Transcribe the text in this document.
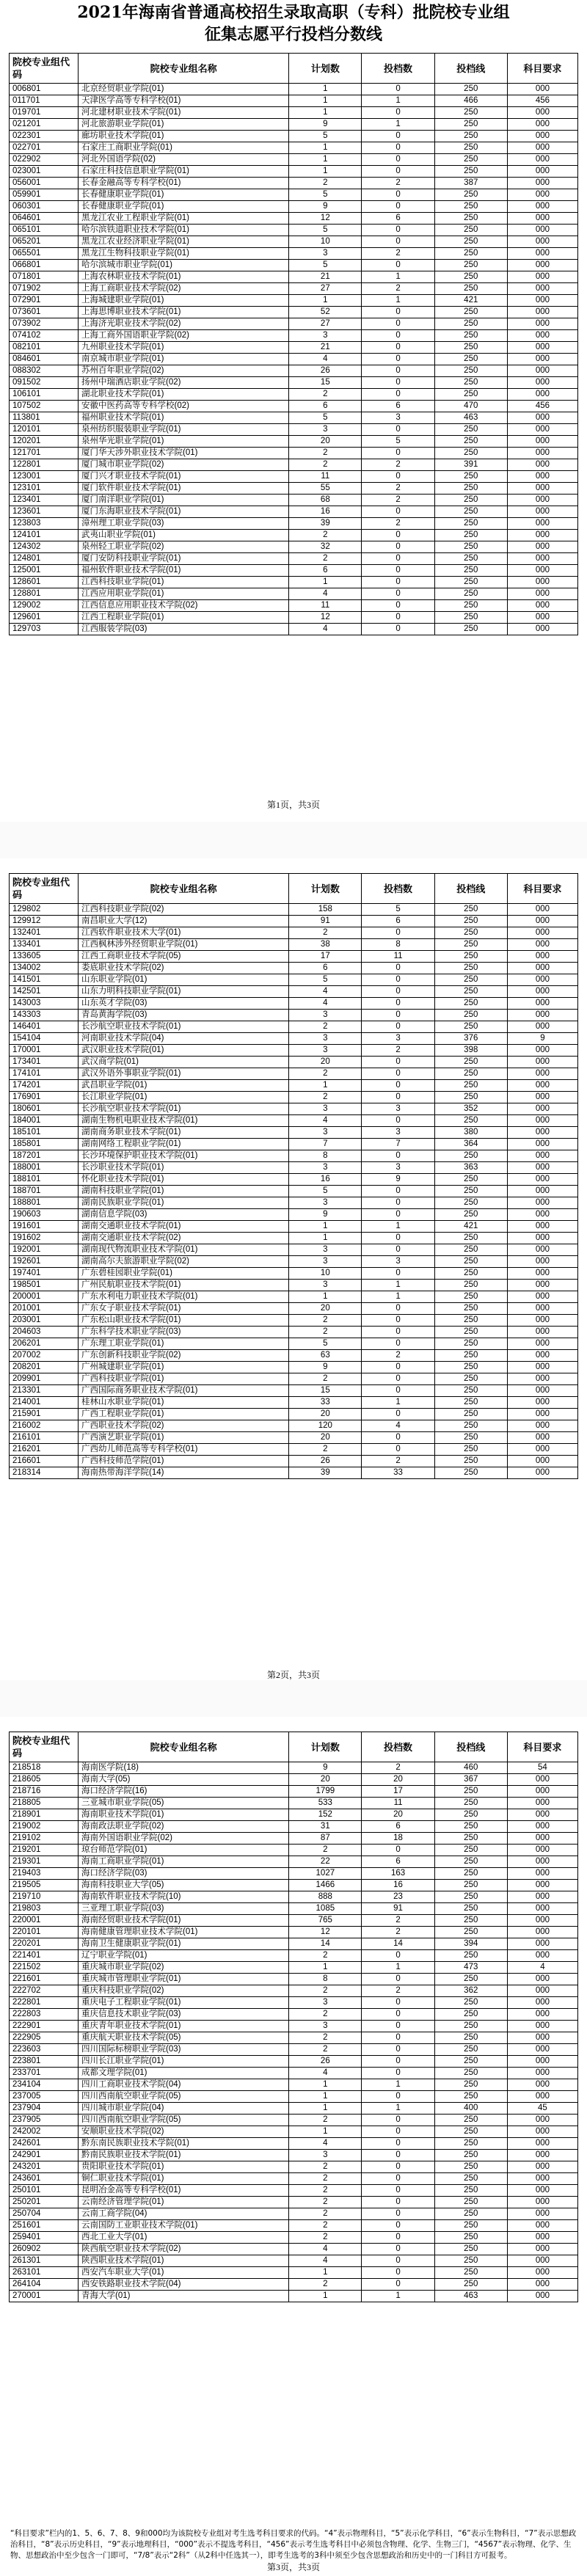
2021年海南省普通高校招生录取高职（专科）批院校专业组
征集志愿平行投档分数线
院校专业组代码	院校专业组名称	计划数	投档数	投档线	科目要求
006801	北京经贸职业学院(01)	1	0	250	000
011701	天津医学高等专科学校(01)	1	1	466	456
019701	河北建材职业技术学院(01)	1	0	250	000
021201	河北旅游职业学院(01)	9	1	250	000
022301	廊坊职业技术学院(01)	5	0	250	000
022701	石家庄工商职业学院(01)	1	0	250	000
022902	河北外国语学院(02)	1	0	250	000
023001	石家庄科技信息职业学院(01)	1	0	250	000
056001	长春金融高等专科学校(01)	2	2	387	000
059901	长春健康职业学院(01)	5	0	250	000
060301	长春健康职业学院(01)	9	0	250	000
064601	黑龙江农业工程职业学院(01)	12	6	250	000
065101	哈尔滨铁道职业技术学院(01)	5	0	250	000
065201	黑龙江农业经济职业学院(01)	10	0	250	000
065501	黑龙江生物科技职业学院(01)	3	2	250	000
066801	哈尔滨城市职业学院(01)	5	0	250	000
071801	上海农林职业技术学院(01)	21	1	250	000
071902	上海工商职业技术学院(02)	27	2	250	000
072901	上海城建职业学院(01)	1	1	421	000
073601	上海思博职业技术学院(01)	52	0	250	000
073902	上海济光职业技术学院(02)	27	0	250	000
074102	上海工商外国语职业学院(02)	3	0	250	000
082101	九州职业技术学院(01)	21	0	250	000
084601	南京城市职业学院(01)	4	0	250	000
088302	苏州百年职业学院(02)	26	0	250	000
091502	扬州中瑞酒店职业学院(02)	15	0	250	000
106101	湖北职业技术学院(01)	2	0	250	000
107502	安徽中医药高等专科学校(02)	6	6	470	456
113801	福州职业技术学院(01)	5	3	463	000
120101	泉州纺织服装职业学院(01)	3	0	250	000
120201	泉州华光职业学院(01)	20	5	250	000
121701	厦门华天涉外职业技术学院(01)	2	0	250	000
122801	厦门城市职业学院(02)	2	2	391	000
123001	厦门兴才职业技术学院(01)	11	0	250	000
123101	厦门软件职业技术学院(01)	55	2	250	000
123401	厦门南洋职业学院(01)	68	2	250	000
123601	厦门东海职业技术学院(01)	16	0	250	000
123803	漳州理工职业学院(03)	39	2	250	000
124101	武夷山职业学院(01)	2	0	250	000
124302	泉州轻工职业学院(02)	32	0	250	000
124801	厦门安防科技职业学院(01)	2	0	250	000
125001	福州软件职业技术学院(01)	6	0	250	000
128601	江西科技职业学院(01)	1	0	250	000
128801	江西应用职业学院(01)	4	0	250	000
129002	江西信息应用职业技术学院(02)	11	0	250	000
129601	江西工程职业学院(01)	12	0	250	000
129703	江西服装学院(03)	4	0	250	000
第1页，共3页
院校专业组代码	院校专业组名称	计划数	投档数	投档线	科目要求
129802	江西科技职业学院(02)	158	5	250	000
129912	南昌职业大学(12)	91	6	250	000
132401	江西软件职业技术大学(01)	2	0	250	000
133401	江西枫林涉外经贸职业学院(01)	38	8	250	000
133605	江西工商职业技术学院(05)	17	11	250	000
134002	娄底职业技术学院(02)	6	0	250	000
141501	山东职业学院(01)	5	0	250	000
142501	山东力明科技职业学院(01)	4	0	250	000
143003	山东英才学院(03)	4	0	250	000
143303	青岛黄海学院(03)	3	0	250	000
146401	长沙航空职业技术学院(01)	2	0	250	000
154104	河南职业技术学院(04)	3	3	376	9
170001	武汉职业技术学院(01)	3	2	398	000
173401	武汉商学院(01)	20	0	250	000
174101	武汉外语外事职业学院(01)	2	0	250	000
174201	武昌职业学院(01)	1	0	250	000
176901	长江职业学院(01)	2	0	250	000
180601	长沙航空职业技术学院(01)	3	3	352	000
184001	湖南生物机电职业技术学院(01)	4	0	250	000
185101	湖南商务职业技术学院(01)	3	3	380	000
185801	湖南网络工程职业学院(01)	7	7	364	000
187201	长沙环境保护职业技术学院(01)	8	0	250	000
188001	长沙职业技术学院(01)	3	3	363	000
188101	怀化职业技术学院(01)	16	9	250	000
188701	湖南科技职业学院(01)	5	0	250	000
188801	湖南民族职业学院(01)	3	0	250	000
190603	湖南信息学院(03)	9	0	250	000
191601	湖南交通职业技术学院(01)	1	1	421	000
191602	湖南交通职业技术学院(02)	1	0	250	000
192001	湖南现代物流职业技术学院(01)	3	0	250	000
192601	湖南高尔夫旅游职业学院(02)	3	3	250	000
197401	广东碧桂园职业学院(01)	10	0	250	000
198501	广州民航职业技术学院(01)	3	1	250	000
200001	广东水利电力职业技术学院(01)	1	1	250	000
201001	广东女子职业技术学院(01)	20	0	250	000
203001	广东松山职业技术学院(01)	2	0	250	000
204603	广东科学技术职业学院(03)	2	0	250	000
206201	广东理工职业学院(01)	5	0	250	000
207002	广东创新科技职业学院(02)	63	2	250	000
208201	广州城建职业学院(01)	9	0	250	000
209901	广西科技职业学院(01)	2	0	250	000
213301	广西国际商务职业技术学院(01)	15	0	250	000
214001	桂林山水职业学院(01)	33	1	250	000
215901	广西工程职业学院(01)	20	0	250	000
216002	广西职业技术学院(02)	120	4	250	000
216101	广西演艺职业学院(01)	20	0	250	000
216201	广西幼儿师范高等专科学校(01)	2	0	250	000
216601	广西科技师范学院(01)	26	2	250	000
218314	海南热带海洋学院(14)	39	33	250	000
第2页，共3页
院校专业组代码	院校专业组名称	计划数	投档数	投档线	科目要求
218518	海南医学院(18)	9	2	460	54
218605	海南大学(05)	20	20	367	000
218716	海口经济学院(16)	1799	17	250	000
218805	三亚城市职业学院(05)	533	11	250	000
218901	海南职业技术学院(01)	152	20	250	000
219002	海南政法职业学院(02)	31	6	250	000
219102	海南外国语职业学院(02)	87	18	250	000
219201	琼台师范学院(01)	2	0	250	000
219301	海南工商职业学院(01)	22	6	250	000
219403	海口经济学院(03)	1027	163	250	000
219505	海南科技职业大学(05)	1466	16	250	000
219710	海南软件职业技术学院(10)	888	23	250	000
219803	三亚理工职业学院(03)	1085	91	250	000
220001	海南经贸职业技术学院(01)	765	2	250	000
220101	海南健康管理职业技术学院(01)	12	2	250	000
220201	海南卫生健康职业学院(01)	14	14	394	000
221401	辽宁职业学院(01)	2	0	250	000
221502	重庆城市职业学院(02)	1	1	473	4
221601	重庆城市管理职业学院(01)	8	0	250	000
222702	重庆科技职业学院(02)	2	2	362	000
222801	重庆电子工程职业学院(01)	3	0	250	000
222803	重庆信息技术职业学院(03)	2	0	250	000
222901	重庆青年职业技术学院(01)	3	0	250	000
222905	重庆航天职业技术学院(05)	2	0	250	000
223603	四川国际标榜职业学院(03)	2	0	250	000
223801	四川长江职业学院(01)	26	0	250	000
233701	成都文理学院(01)	4	0	250	000
234104	四川工商职业技术学院(04)	1	1	250	000
237005	四川西南航空职业学院(05)	1	0	250	000
237904	四川城市职业学院(04)	1	1	400	45
237905	四川西南航空职业学院(05)	2	0	250	000
242002	安顺职业技术学院(02)	1	0	250	000
242601	黔东南民族职业技术学院(01)	4	0	250	000
242901	黔南民族职业技术学院(01)	3	0	250	000
243201	贵阳职业技术学院(01)	2	0	250	000
243601	铜仁职业技术学院(01)	2	0	250	000
250101	昆明冶金高等专科学校(01)	2	0	250	000
250201	云南经济管理学院(01)	2	0	250	000
250704	云南工商学院(04)	2	0	250	000
251601	云南国防工业职业技术学院(01)	2	0	250	000
259401	西北工业大学(01)	2	0	250	000
260902	陕西航空职业技术学院(02)	4	0	250	000
261301	陕西职业技术学院(01)	4	0	250	000
263101	西安汽车职业大学(01)	1	0	250	000
264104	西安铁路职业技术学院(04)	2	0	250	000
270001	青海大学(01)	1	1	463	000
“科目要求”栏内的1、5、6、7、8、9和000均为该院校专业组对考生选考科目要求的代码。“4”表示物理科目，“5”表示化学科目，“6”表示生物科目，“7”表示思想政治科目，“8”表示历史科目，“9”表示地理科目，“000”表示不提选考科目，“456”表示考生选考科目中必须包含物理、化学、生物三门，“4567”表示物理、化学、生物、思想政治中至少包含一门即可，“7/8”表示“2科”（从2科中任选其一），即考生选考的3科中须至少包含思想政治和历史中的一门科目方可报考。
第3页，共3页
